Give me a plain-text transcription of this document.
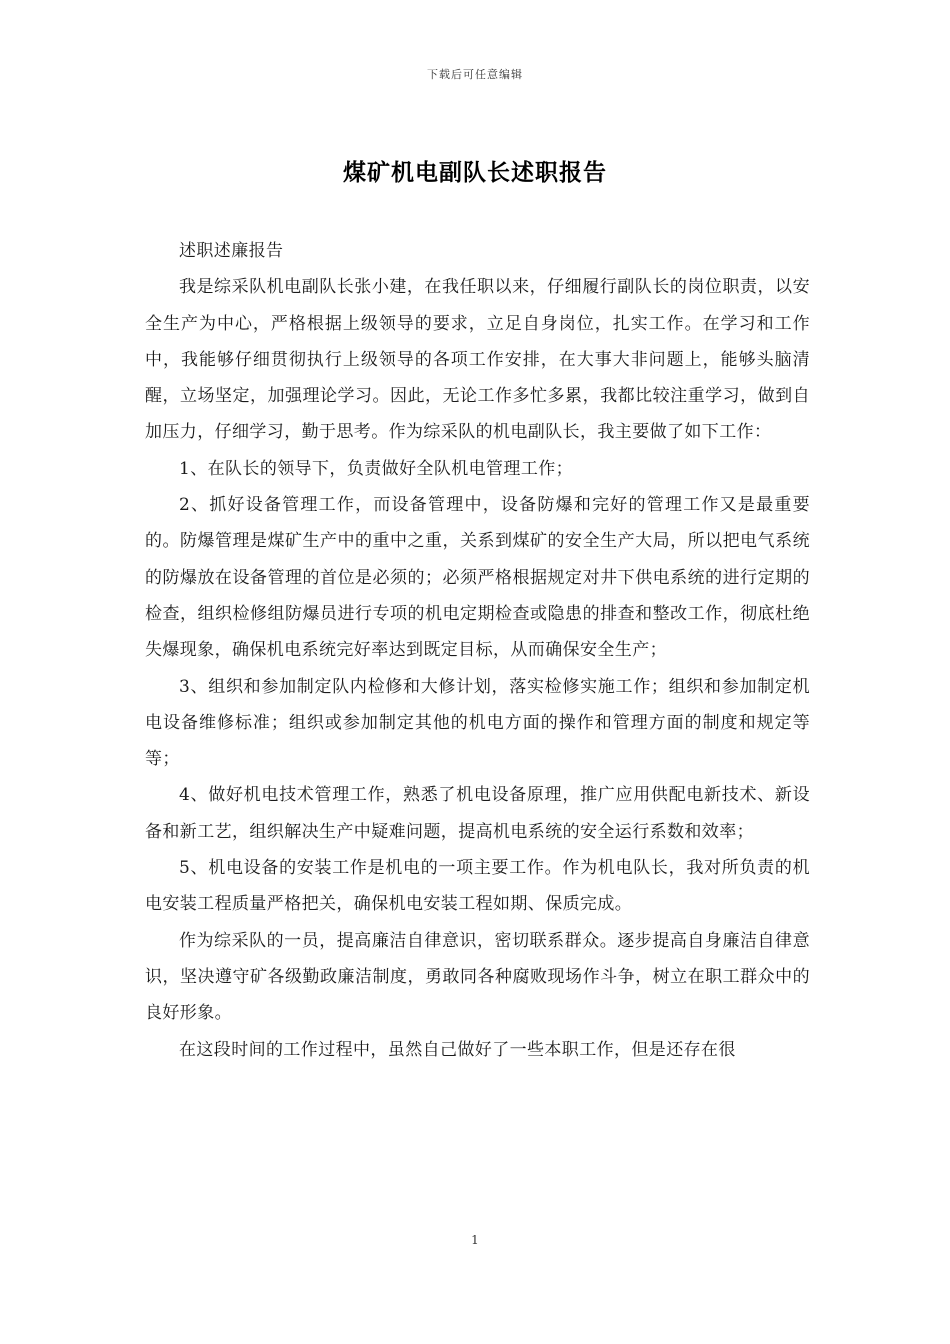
下载后可任意编辑
煤矿机电副队长述职报告

述职述廉报告

我是综采队机电副队长张小建，在我任职以来，仔细履行副队长的岗位职责，以安全生产为中心，严格根据上级领导的要求，立足自身岗位，扎实工作。在学习和工作中，我能够仔细贯彻执行上级领导的各项工作安排，在大事大非问题上，能够头脑清醒，立场坚定，加强理论学习。因此，无论工作多忙多累，我都比较注重学习，做到自加压力，仔细学习，勤于思考。作为综采队的机电副队长，我主要做了如下工作：

1、在队长的领导下，负责做好全队机电管理工作；

2、抓好设备管理工作，而设备管理中，设备防爆和完好的管理工作又是最重要的。防爆管理是煤矿生产中的重中之重，关系到煤矿的安全生产大局，所以把电气系统的防爆放在设备管理的首位是必须的；必须严格根据规定对井下供电系统的进行定期的检查，组织检修组防爆员进行专项的机电定期检查或隐患的排查和整改工作，彻底杜绝失爆现象，确保机电系统完好率达到既定目标，从而确保安全生产；

3、组织和参加制定队内检修和大修计划，落实检修实施工作；组织和参加制定机电设备维修标准；组织或参加制定其他的机电方面的操作和管理方面的制度和规定等等；

4、做好机电技术管理工作，熟悉了机电设备原理，推广应用供配电新技术、新设备和新工艺，组织解决生产中疑难问题，提高机电系统的安全运行系数和效率；

5、机电设备的安装工作是机电的一项主要工作。作为机电队长，我对所负责的机电安装工程质量严格把关，确保机电安装工程如期、保质完成。

作为综采队的一员，提高廉洁自律意识，密切联系群众。逐步提高自身廉洁自律意识，坚决遵守矿各级勤政廉洁制度，勇敢同各种腐败现场作斗争，树立在职工群众中的良好形象。

在这段时间的工作过程中，虽然自己做好了一些本职工作，但是还存在很

1
